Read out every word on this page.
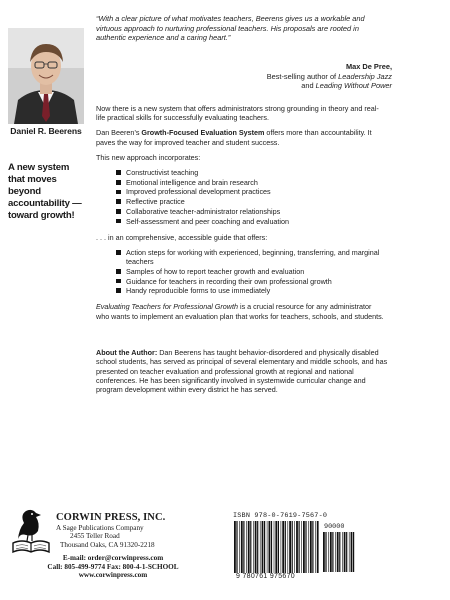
Daniel R. Beerens
A new system that moves beyond accountability — toward growth!
“With a clear picture of what motivates teachers, Beerens gives us a workable and virtuous approach to nurturing professional teachers. His proposals are rooted in authentic experience and a caring heart.”
Max De Pree,
Best-selling author of Leadership Jazz
and Leading Without Power

Now there is a new system that offers administrators strong grounding in theory and real-life practical skills for successfully evaluating teachers.

Dan Beeren’s Growth-Focused Evaluation System offers more than accountability. It paves the way for improved teacher and student success.

This new approach incorporates:

Constructivist teaching
Emotional intelligence and brain research
Improved professional development practices
Reflective practice
Collaborative teacher-administrator relationships
Self-assessment and peer coaching and evaluation

. . . in an comprehensive, accessible guide that offers:

Action steps for working with experienced, beginning, transferring, and marginal teachers
Samples of how to report teacher growth and evaluation
Guidance for teachers in recording their own professional growth
Handy reproducible forms to use immediately

Evaluating Teachers for Professional Growth is a crucial resource for any administrator who wants to implement an evaluation plan that works for teachers, schools, and students.

About the Author: Dan Beerens has taught behavior-disordered and physically disabled school students, has served as principal of several elementary and middle schools, and has presented on teacher evaluation and professional growth at regional and national conferences. He has been significantly involved in systemwide curricular change and program development within every district he has served.
CORWIN PRESS, INC.
A Sage Publications Company
2455 Teller Road
Thousand Oaks, CA 91320-2218
E-mail: order@corwinpress.com
Call: 805-499-9774 Fax: 800-4-1-SCHOOL
www.corwinpress.com
ISBN 978-0-7619-7567-0
90000
9 780761 975670
